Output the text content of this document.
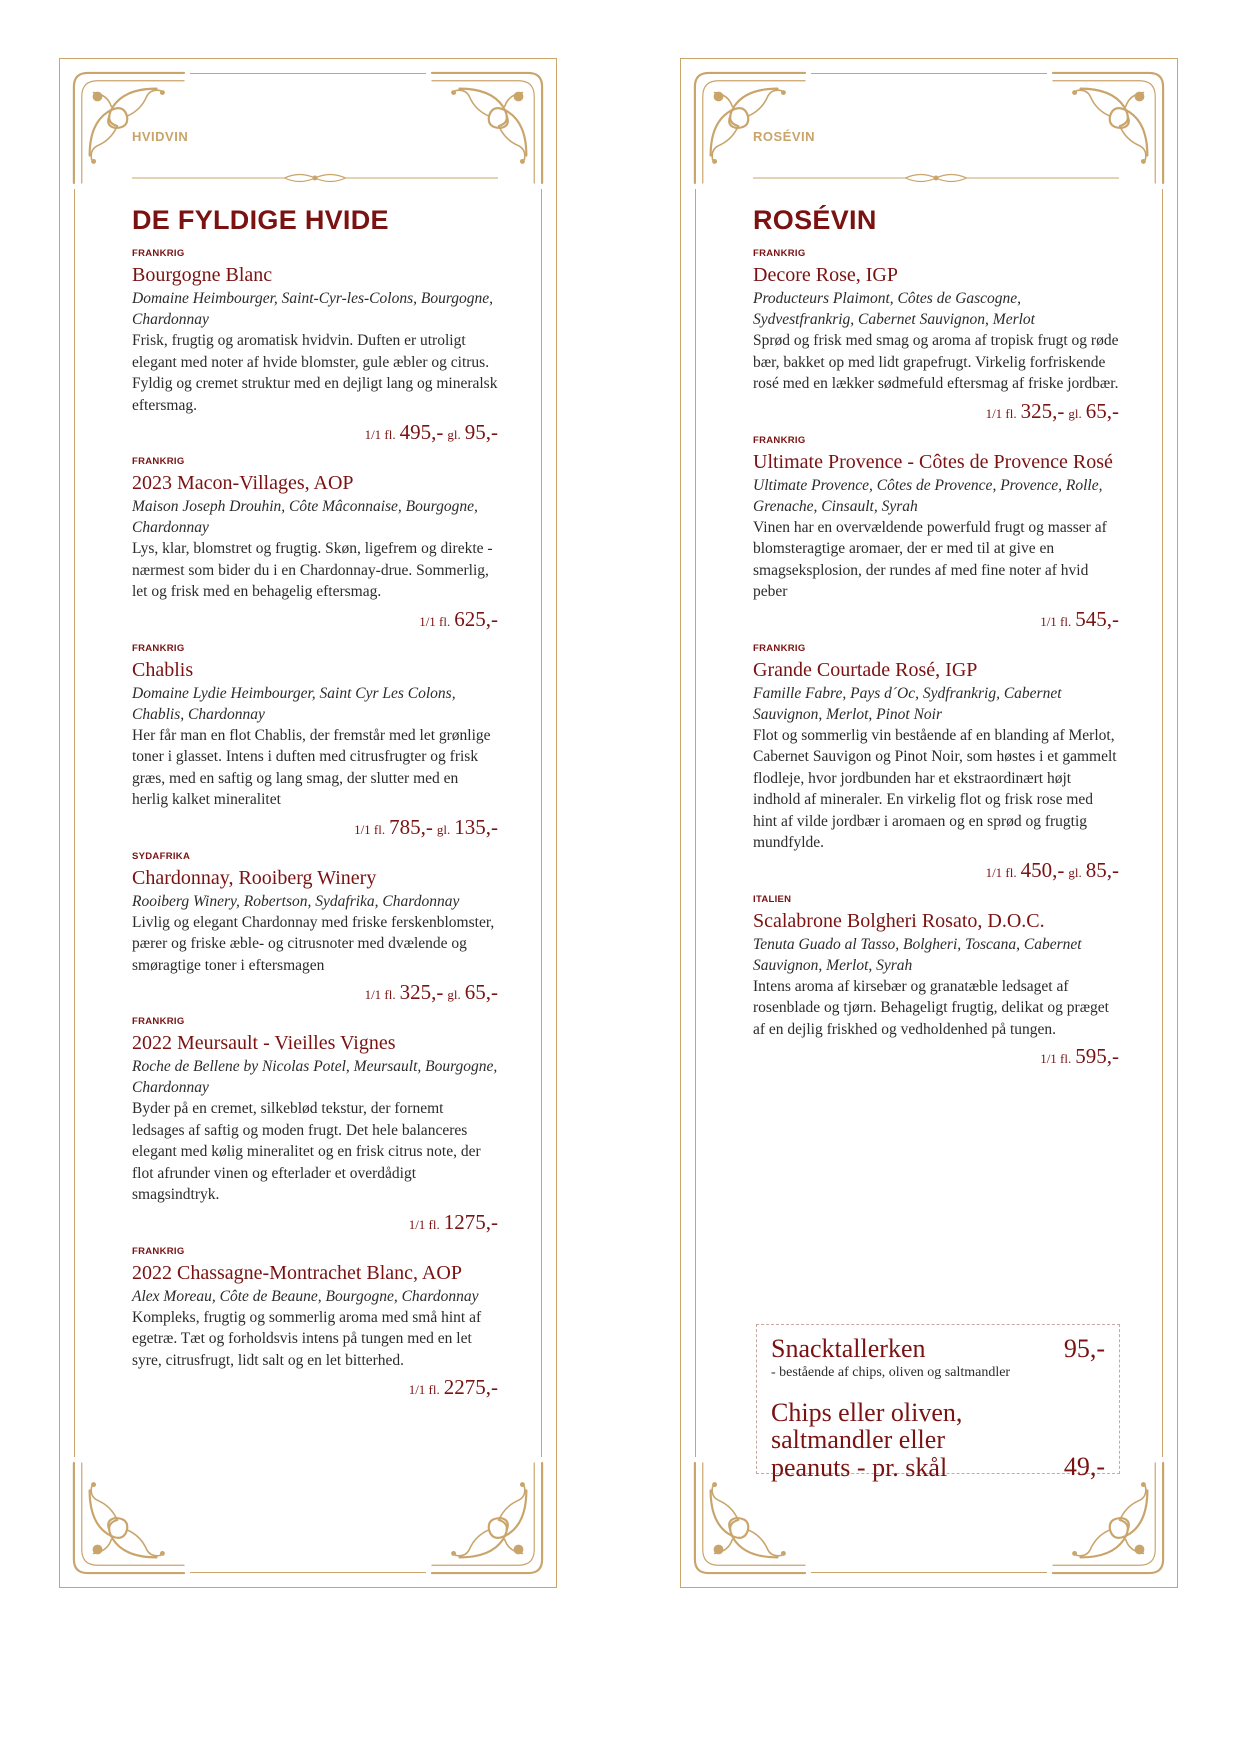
HVIDVIN
DE FYLDIGE HVIDE
FRANKRIG
Bourgogne Blanc
Domaine Heimbourger, Saint-Cyr-les-Colons, Bourgogne, Chardonnay
Frisk, frugtig og aromatisk hvidvin. Duften er utroligt elegant med noter af hvide blomster, gule æbler og citrus. Fyldig og cremet struktur med en dejligt lang og mineralsk eftersmag.
1/1 fl. 495,- gl. 95,-
FRANKRIG
2023 Macon-Villages, AOP
Maison Joseph Drouhin, Côte Mâconnaise, Bourgogne, Chardonnay
Lys, klar, blomstret og frugtig. Skøn, ligefrem og direkte - nærmest som bider du i en Chardonnay-drue. Sommerlig, let og frisk med en behagelig eftersmag.
1/1 fl. 625,-
FRANKRIG
Chablis
Domaine Lydie Heimbourger, Saint Cyr Les Colons, Chablis, Chardonnay
Her får man en flot Chablis, der fremstår med let grønlige toner i glasset. Intens i duften med citrusfrugter og frisk græs, med en saftig og lang smag, der slutter med en herlig kalket mineralitet
1/1 fl. 785,- gl. 135,-
SYDAFRIKA
Chardonnay, Rooiberg Winery
Rooiberg Winery, Robertson, Sydafrika, Chardonnay
Livlig og elegant Chardonnay med friske ferskenblomster, pærer og friske æble- og citrusnoter med dvælende og smøragtige toner i eftersmagen
1/1 fl. 325,- gl. 65,-
FRANKRIG
2022 Meursault - Vieilles Vignes
Roche de Bellene by Nicolas Potel, Meursault, Bourgogne, Chardonnay
Byder på en cremet, silkeblød tekstur, der fornemt ledsages af saftig og moden frugt. Det hele balanceres elegant med kølig mineralitet og en frisk citrus note, der flot afrunder vinen og efterlader et overdådigt smagsindtryk.
1/1 fl. 1275,-
FRANKRIG
2022 Chassagne-Montrachet Blanc, AOP
Alex Moreau, Côte de Beaune, Bourgogne, Chardonnay
Kompleks, frugtig og sommerlig aroma med små hint af egetræ. Tæt og forholdsvis intens på tungen med en let syre, citrusfrugt, lidt salt og en let bitterhed.
1/1 fl. 2275,-
ROSÉVIN
ROSÉVIN
FRANKRIG
Decore Rose, IGP
Producteurs Plaimont, Côtes de Gascogne, Sydvestfrankrig, Cabernet Sauvignon, Merlot
Sprød og frisk med smag og aroma af tropisk frugt og røde bær, bakket op med lidt grapefrugt. Virkelig forfriskende rosé med en lækker sødmefuld eftersmag af friske jordbær.
1/1 fl. 325,- gl. 65,-
FRANKRIG
Ultimate Provence - Côtes de Provence Rosé
Ultimate Provence, Côtes de Provence, Provence, Rolle, Grenache, Cinsault, Syrah
Vinen har en overvældende powerfuld frugt og masser af blomsteragtige aromaer, der er med til at give en smagseksplosion, der rundes af med fine noter af hvid peber
1/1 fl. 545,-
FRANKRIG
Grande Courtade Rosé, IGP
Famille Fabre, Pays d´Oc, Sydfrankrig, Cabernet Sauvignon, Merlot, Pinot Noir
Flot og sommerlig vin bestående af en blanding af Merlot, Cabernet Sauvigon og Pinot Noir, som høstes i et gammelt flodleje, hvor jordbunden har et ekstraordinært højt indhold af mineraler. En virkelig flot og frisk rose med hint af vilde jordbær i aromaen og en sprød og frugtig mundfylde.
1/1 fl. 450,- gl. 85,-
ITALIEN
Scalabrone Bolgheri Rosato, D.O.C.
Tenuta Guado al Tasso, Bolgheri, Toscana, Cabernet Sauvignon, Merlot, Syrah
Intens aroma af kirsebær og granatæble ledsaget af rosenblade og tjørn. Behageligt frugtig, delikat og præget af en dejlig friskhed og vedholdenhed på tungen.
1/1 fl. 595,-
Snacktallerken	95,-
- bestående af chips, oliven og saltmandler
Chips eller oliven,
saltmandler eller
peanuts - pr. skål	49,-
